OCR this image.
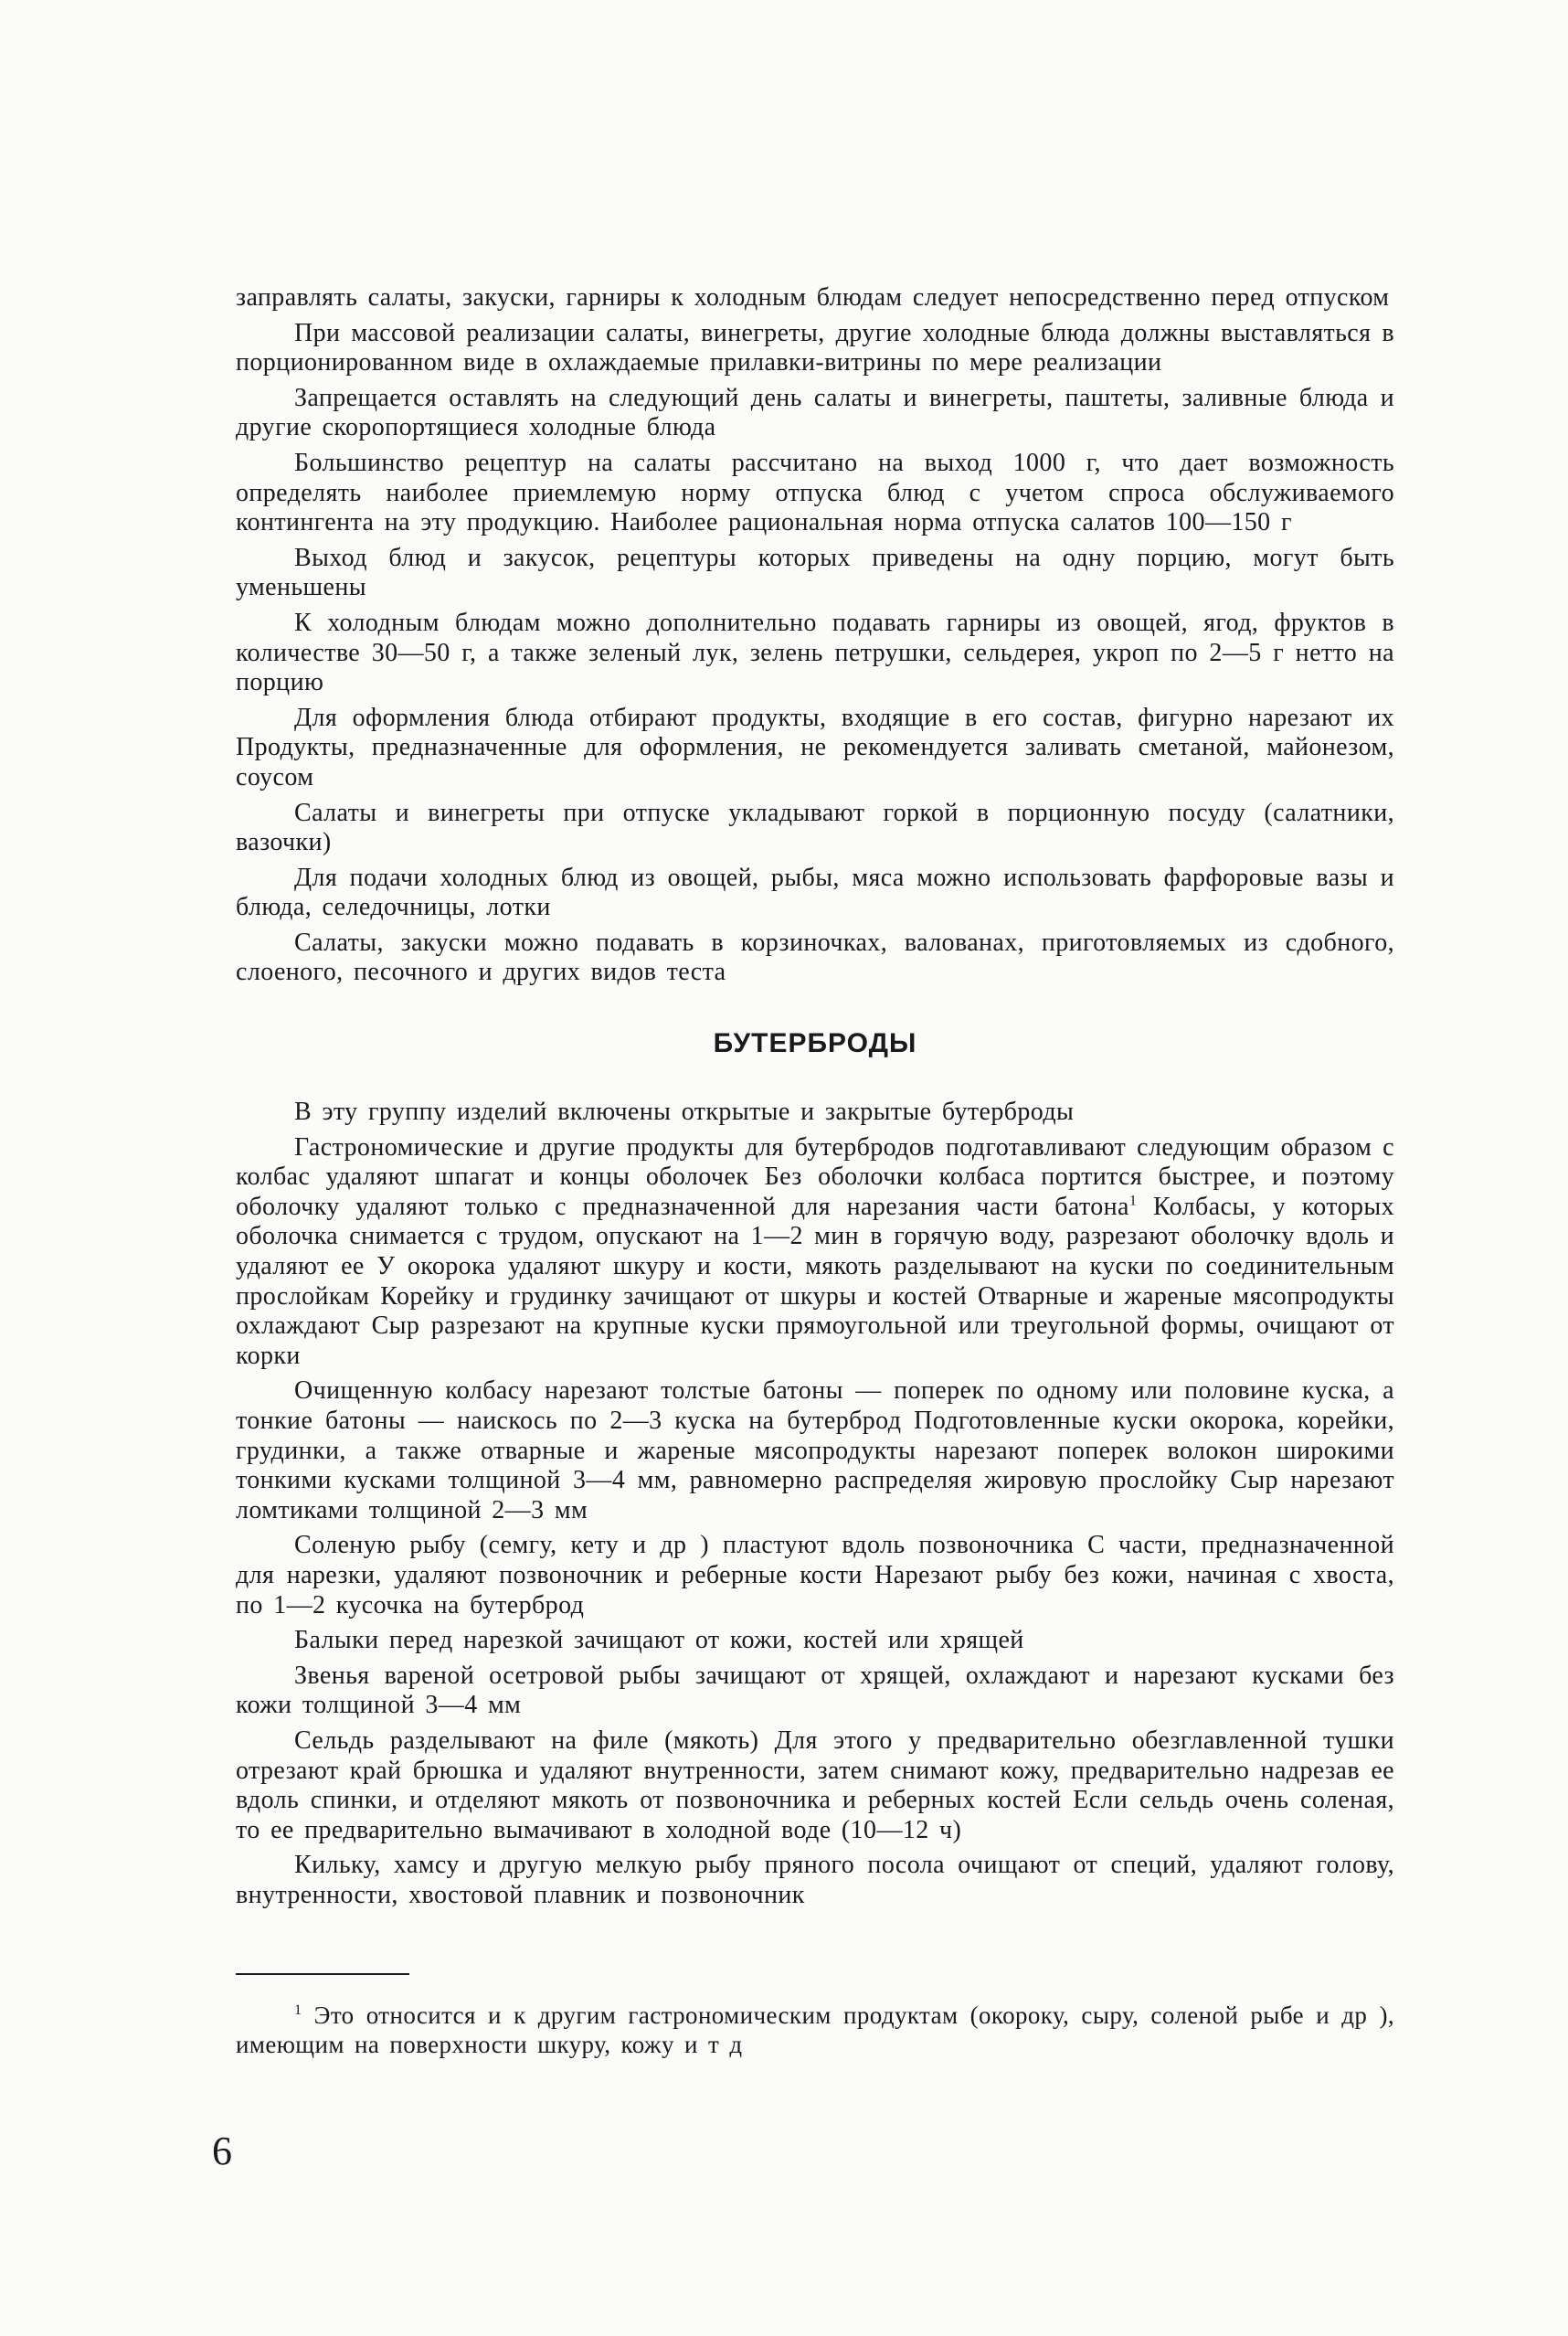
заправлять салаты, закуски, гарниры к холодным блюдам следует непосредственно перед отпуском

При массовой реализации салаты, винегреты, другие холодные блюда должны выставляться в порционированном виде в охлаждаемые прилавки-витрины по мере реализации

Запрещается оставлять на следующий день салаты и винегреты, паштеты, заливные блюда и другие скоропортящиеся холодные блюда

Большинство рецептур на салаты рассчитано на выход 1000 г, что дает возможность определять наиболее приемлемую норму отпуска блюд с учетом спроса обслуживаемого контингента на эту продукцию. Наиболее рациональная норма отпуска салатов 100—150 г

Выход блюд и закусок, рецептуры которых приведены на одну порцию, могут быть уменьшены

К холодным блюдам можно дополнительно подавать гарниры из овощей, ягод, фруктов в количестве 30—50 г, а также зеленый лук, зелень петрушки, сельдерея, укроп по 2—5 г нетто на порцию

Для оформления блюда отбирают продукты, входящие в его состав, фигурно нарезают их Продукты, предназначенные для оформления, не рекомендуется заливать сметаной, майонезом, соусом

Салаты и винегреты при отпуске укладывают горкой в порционную посуду (салатники, вазочки)

Для подачи холодных блюд из овощей, рыбы, мяса можно использовать фарфоровые вазы и блюда, селедочницы, лотки

Салаты, закуски можно подавать в корзиночках, валованах, приготовляемых из сдобного, слоеного, песочного и других видов теста

БУТЕРБРОДЫ

В эту группу изделий включены открытые и закрытые бутерброды

Гастрономические и другие продукты для бутербродов подготавливают следующим образом с колбас удаляют шпагат и концы оболочек Без оболочки колбаса портится быстрее, и поэтому оболочку удаляют только с предназначенной для нарезания части батона$^1$ Колбасы, у которых оболочка снимается с трудом, опускают на 1—2 мин в горячую воду, разрезают оболочку вдоль и удаляют ее У окорока удаляют шкуру и кости, мякоть разделывают на куски по соединительным прослойкам Корейку и грудинку зачищают от шкуры и костей Отварные и жареные мясопродукты охлаждают Сыр разрезают на крупные куски прямоугольной или треугольной формы, очищают от корки

Очищенную колбасу нарезают толстые батоны — поперек по одному или половине куска, а тонкие батоны — наискось по 2—3 куска на бутерброд Подготовленные куски окорока, корейки, грудинки, а также отварные и жареные мясопродукты нарезают поперек волокон широкими тонкими кусками толщиной 3—4 мм, равномерно распределяя жировую прослойку Сыр нарезают ломтиками толщиной 2—3 мм

Соленую рыбу (семгу, кету и др ) пластуют вдоль позвоночника С части, предназначенной для нарезки, удаляют позвоночник и реберные кости Нарезают рыбу без кожи, начиная с хвоста, по 1—2 кусочка на бутерброд

Балыки перед нарезкой зачищают от кожи, костей или хрящей

Звенья вареной осетровой рыбы зачищают от хрящей, охлаждают и нарезают кусками без кожи толщиной 3—4 мм

Сельдь разделывают на филе (мякоть) Для этого у предварительно обезглавленной тушки отрезают край брюшка и удаляют внутренности, затем снимают кожу, предварительно надрезав ее вдоль спинки, и отделяют мякоть от позвоночника и реберных костей Если сельдь очень соленая, то ее предварительно вымачивают в холодной воде (10—12 ч)

Кильку, хамсу и другую мелкую рыбу пряного посола очищают от специй, удаляют голову, внутренности, хвостовой плавник и позвоночник

$^1$ Это относится и к другим гастрономическим продуктам (окороку, сыру, соленой рыбе и др ), имеющим на поверхности шкуру, кожу и т д

6
